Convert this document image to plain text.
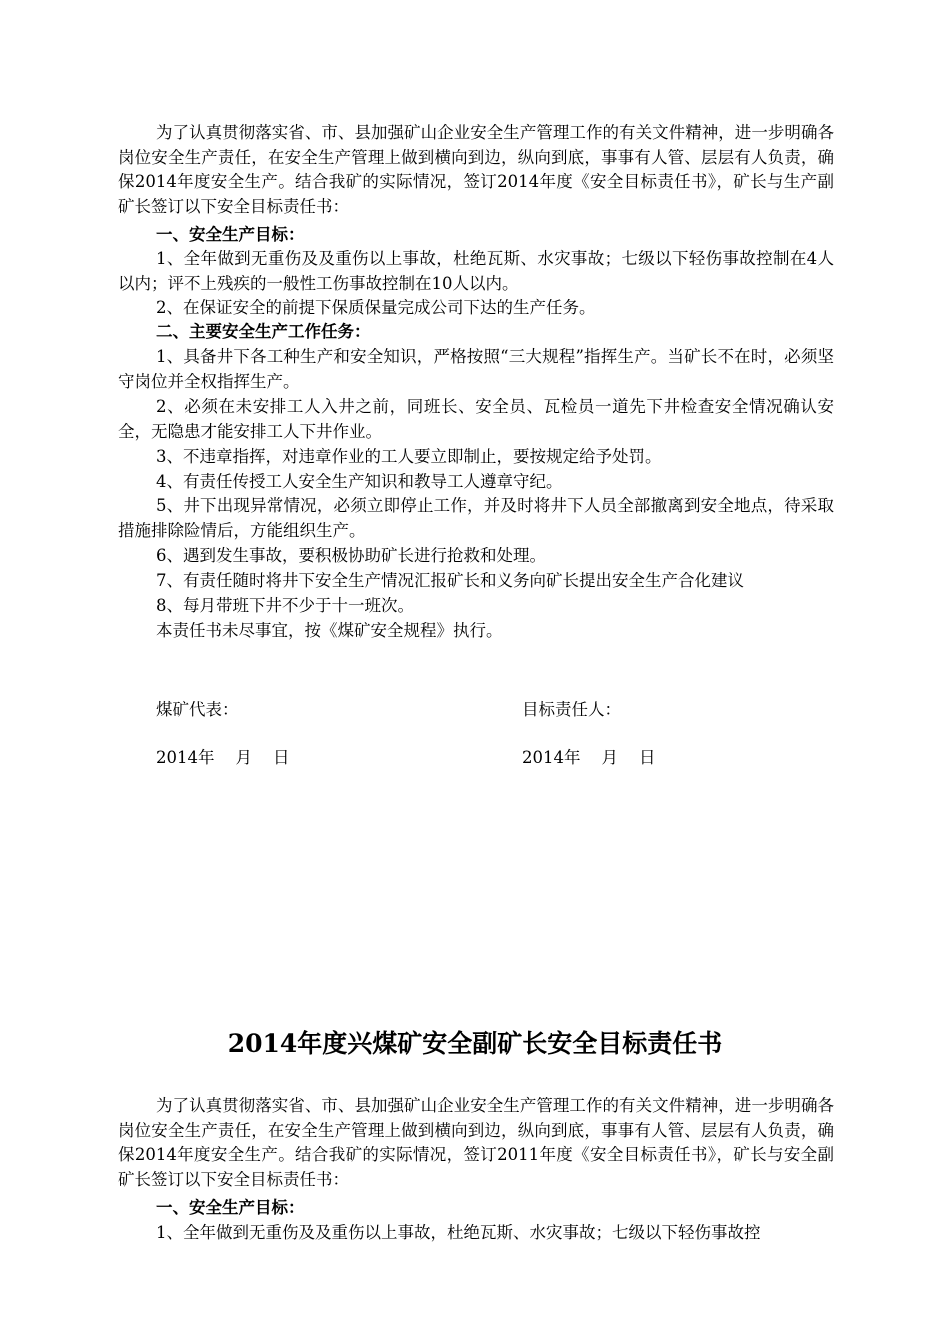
为了认真贯彻落实省、市、县加强矿山企业安全生产管理工作的有关文件精神，进一步明确各岗位安全生产责任，在安全生产管理上做到横向到边，纵向到底，事事有人管、层层有人负责，确保2014年度安全生产。结合我矿的实际情况，签订2014年度《安全目标责任书》，矿长与生产副矿长签订以下安全目标责任书：

一、安全生产目标：

1、全年做到无重伤及及重伤以上事故，杜绝瓦斯、水灾事故；七级以下轻伤事故控制在4人以内；评不上残疾的一般性工伤事故控制在10人以内。

2、在保证安全的前提下保质保量完成公司下达的生产任务。

二、主要安全生产工作任务：

1、具备井下各工种生产和安全知识，严格按照“三大规程”指挥生产。当矿长不在时，必须坚守岗位并全权指挥生产。

2、必须在未安排工人入井之前，同班长、安全员、瓦检员一道先下井检查安全情况确认安全，无隐患才能安排工人下井作业。

3、不违章指挥，对违章作业的工人要立即制止，要按规定给予处罚。

4、有责任传授工人安全生产知识和教导工人遵章守纪。

5、井下出现异常情况，必须立即停止工作，并及时将井下人员全部撤离到安全地点，待采取措施排除险情后，方能组织生产。

6、遇到发生事故，要积极协助矿长进行抢救和处理。

7、有责任随时将井下安全生产情况汇报矿长和义务向矿长提出安全生产合化建议

8、每月带班下井不少于十一班次。

本责任书未尽事宜，按《煤矿安全规程》执行。

煤矿代表：	目标责任人：

2014年    月    日	2014年    月    日

2014年度兴煤矿安全副矿长安全目标责任书

为了认真贯彻落实省、市、县加强矿山企业安全生产管理工作的有关文件精神，进一步明确各岗位安全生产责任，在安全生产管理上做到横向到边，纵向到底，事事有人管、层层有人负责，确保2014年度安全生产。结合我矿的实际情况，签订2011年度《安全目标责任书》，矿长与安全副矿长签订以下安全目标责任书：

一、安全生产目标：

1、全年做到无重伤及及重伤以上事故，杜绝瓦斯、水灾事故；七级以下轻伤事故控
